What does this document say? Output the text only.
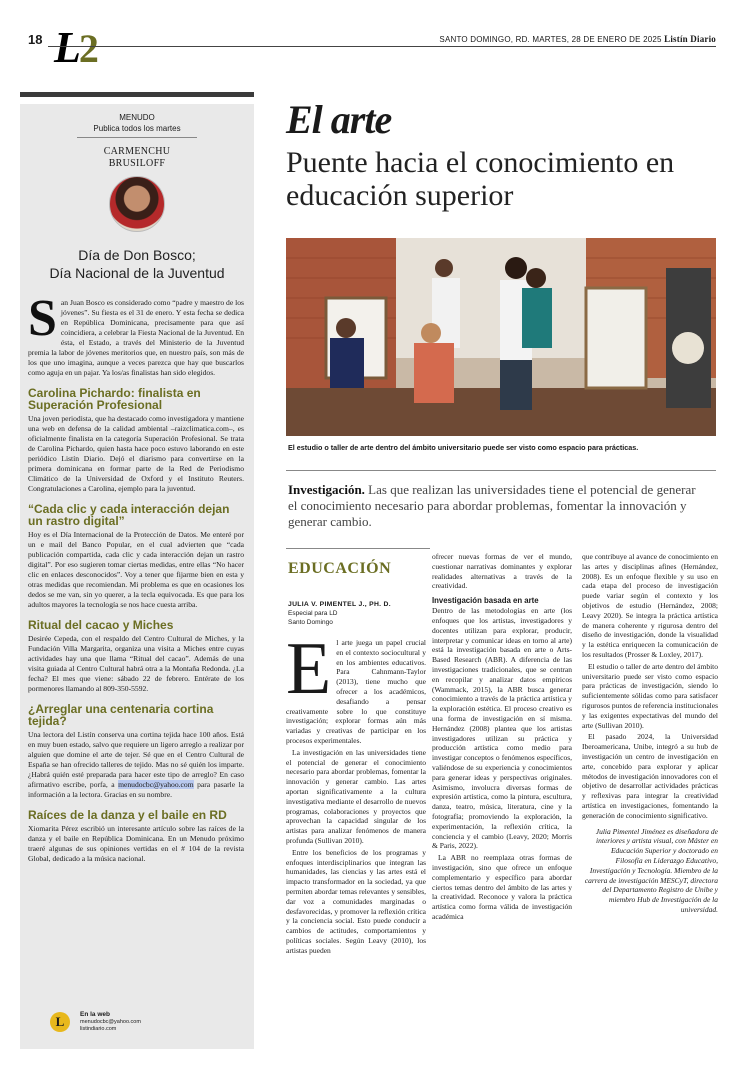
18 L
2	SANTO DOMINGO, RD. MARTES, 28 DE ENERO DE 2025 Listín Diario
MENUDO
Publica todos los martes
CARMENCHU
BRUSILOFF
Día de Don Bosco;
Día Nacional de la Juventud

San Juan Bosco es considerado como “padre y maestro de los jóvenes”. Su fiesta es el 31 de enero. Y esta fecha se dedica en República Dominicana, precisamente para que así coincidiera, a celebrar la Fiesta Nacional de la Juventud. En ésta, el Estado, a través del Ministerio de la Juventud premia la labor de jóvenes meritorios que, en nuestro país, son más de los que uno imagina, aunque a veces parezca que hay que buscarlos como aguja en un pajar. Ya los/as finalistas han sido elegidos.

Carolina Pichardo: finalista en Superación Profesional

Una joven periodista, que ha destacado como investigadora y mantiene una web en defensa de la calidad ambiental –raizclimatica.com–, es oficialmente finalista en la categoría Superación Profesional. Se trata de Carolina Pichardo, quien hasta hace poco estuvo laborando en este periódico Listín Diario. Dejó el diarismo para convertirse en la primera dominicana en formar parte de la Red de Periodismo Climático de la Universidad de Oxford y el Instituto Reuters. Congratulaciones a Carolina, ejemplo para la juventud.

“Cada clic y cada interacción dejan un rastro digital”

Hoy es el Día Internacional de la Protección de Datos. Me enteré por un e mail del Banco Popular, en el cual advierten que “cada publicación compartida, cada clic y cada interacción dejan un rastro digital”. Por eso sugieren tomar ciertas medidas, entre ellas “No hacer clic en enlaces desconocidos”. Voy a tener que fijarme bien en esta y otras medidas que recomiendan. Mi problema es que en ocasiones los dedos se me van, sin yo querer, a la tecla equivocada. Es que para los adultos mayores la tecnología se nos hace cuesta arriba.

Ritual del cacao y Miches

Desirée Cepeda, con el respaldo del Centro Cultural de Miches, y la Fundación Villa Margarita, organiza una visita a Miches entre cuyas actividades hay una que llama “Ritual del cacao”. Además de una visita guiada al Centro Cultural habrá otra a la Montaña Redonda. ¿La fecha? El mes que viene: sábado 22 de febrero. Entérate de los pormenores llamando al 809-350-5592.

¿Arreglar una centenaria cortina tejida?

Una lectora del Listín conserva una cortina tejida hace 100 años. Está en muy buen estado, salvo que requiere un ligero arreglo a realizar por alguien que domine el arte de tejer. Sé que en el Centro Cultural de España se han ofrecido talleres de tejido. Mas no sé quién los imparte. ¿Habrá quién esté preparada para hacer este tipo de arreglo? En caso afirmativo escribe, porfa, a menudocbc@yahoo.com para pasarle la información a la lectora. Gracias en su nombre.

Raíces de la danza y el baile en RD

Xiomarita Pérez escribió un interesante artículo sobre las raíces de la danza y el baile en República Dominicana. En un Menudo próximo traeré algunas de sus opiniones vertidas en el # 104 de la revista Global, dedicado a la música nacional.

L	En la web
menudocbc@yahoo.com
listindiario.com
El arte
Puente hacia el conocimiento en educación superior
El estudio o taller de arte dentro del ámbito universitario puede ser visto como espacio para prácticas.

Investigación. Las que realizan las universidades tiene el potencial de generar el conocimiento necesario para abordar problemas, fomentar la innovación y generar cambio.

EDUCACIÓN
JULIA V. PIMENTEL J., PH. D.
Especial para LD
Santo Domingo

El arte juega un papel crucial en el contexto sociocultural y en los ambientes educativos. Para Cahnmann-Taylor (2013), tiene mucho que ofrecer a los académicos, desafiando a pensar creativamente sobre lo que constituye investigación; explorar formas aún más variadas y creativas de participar en los procesos experimentales.

La investigación en las universidades tiene el potencial de generar el conocimiento necesario para abordar problemas, fomentar la innovación y generar cambio. Las artes aportan significativamente a la cultura investigativa mediante el desarrollo de nuevos programas, colaboraciones y proyectos que aprovechan la capacidad singular de los artistas para analizar fenómenos de manera profunda (Sullivan 2010).

Entre los beneficios de los programas y enfoques interdisciplinarios que integran las humanidades, las ciencias y las artes está el impacto transformador en la sociedad, ya que permiten abordar temas relevantes y sensibles, dar voz a comunidades marginadas o desfavorecidas, y promover la reflexión crítica y la conciencia social. Esto puede conducir a cambios de actitudes, comportamientos y políticas sociales. Según Leavy (2010), los artistas pueden

ofrecer nuevas formas de ver el mundo, cuestionar narrativas dominantes y explorar realidades alternativas a través de la creatividad.

Investigación basada en arte

Dentro de las metodologías en arte (los enfoques que los artistas, investigadores y docentes utilizan para explorar, producir, interpretar y comunicar ideas en torno al arte) está la investigación basada en arte o Arts-Based Research (ABR). A diferencia de las investigaciones tradicionales, que se centran en recopilar y analizar datos empíricos (Wammack, 2015), la ABR busca generar conocimiento a través de la práctica artística y la exploración estética. El proceso creativo es una forma de investigación en sí misma. Hernández (2008) plantea que los artistas investigadores utilizan su práctica y producción artística como medio para investigar conceptos o fenómenos específicos, valiéndose de su experiencia y conocimientos para generar ideas y perspectivas originales. Asimismo, involucra diversas formas de expresión artística, como la pintura, escultura, danza, teatro, música, literatura, cine y la fotografía; promoviendo la exploración, la experimentación, la reflexión crítica, la conciencia y el cambio (Leavy, 2020; Morris & Paris, 2022).

La ABR no reemplaza otras formas de investigación, sino que ofrece un enfoque complementario y específico para abordar ciertos temas dentro del ámbito de las artes y la creatividad. Reconoce y valora la práctica artística como forma válida de investigación académica

que contribuye al avance de conocimiento en las artes y disciplinas afines (Hernández, 2008). Es un enfoque flexible y su uso en cada etapa del proceso de investigación puede variar según el contexto y los objetivos de estudio (Hernández, 2008; Leavy 2020). Se integra la práctica artística de manera coherente y rigurosa dentro del diseño de investigación, donde la visualidad y la estética enriquecen la comunicación de los resultados (Prosser & Loxley, 2017).

El estudio o taller de arte dentro del ámbito universitario puede ser visto como espacio para prácticas de investigación, siendo lo suficientemente sólidas como para satisfacer rigurosos puntos de referencia institucionales y las exigentes expectativas del mundo del arte (Sullivan 2010).

El pasado 2024, la Universidad Iberoamericana, Unibe, integró a su hub de investigación un centro de investigación en arte, concebido para explorar y aplicar métodos de investigación innovadores con el objetivo de desarrollar actividades prácticas y reflexivas para integrar la creatividad artística en investigaciones, fomentando la generación de conocimiento significativo.

Julia Pimentel Jiménez es diseñadora de interiores y artista visual, con Máster en Educación Superior y doctorado en Filosofía en Liderazgo Educativo, Investigación y Tecnología. Miembro de la carrera de investigación MESCyT, directora del Departamento Registro de Unibe y miembro Hub de Investigación de la universidad.
